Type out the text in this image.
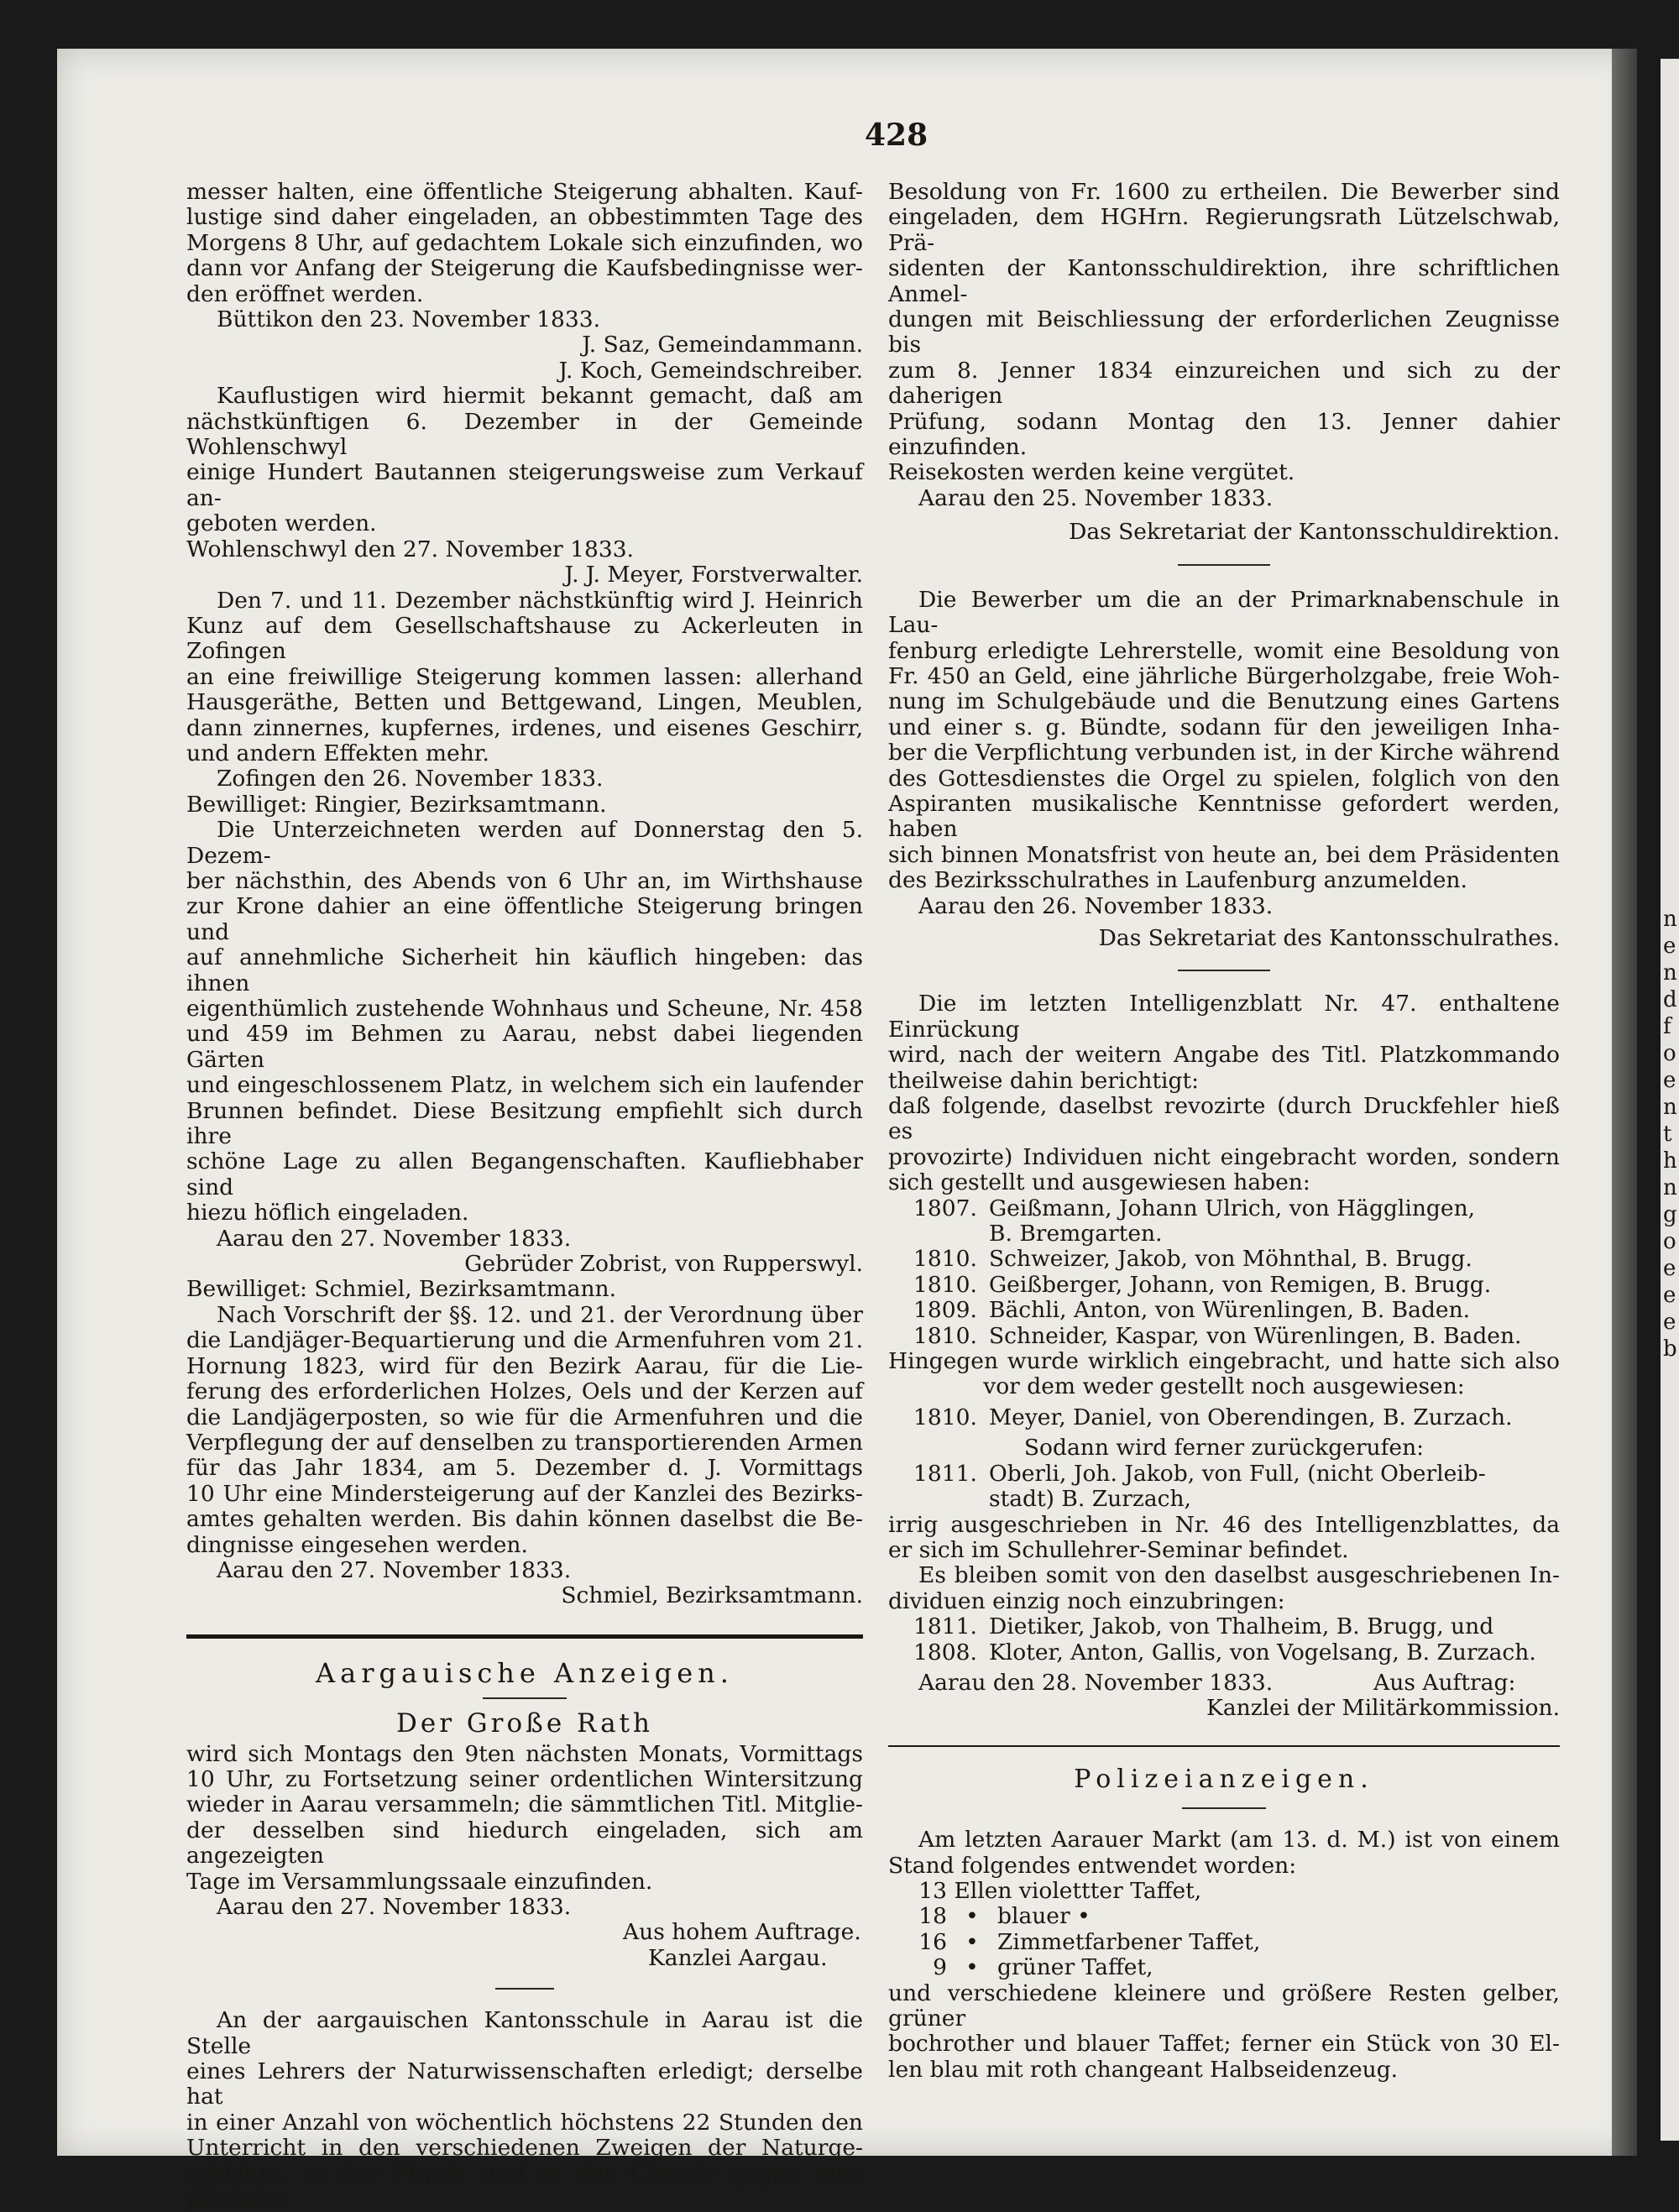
n
e
n
d
f
o
e
n
t
h
n
g
o
e
e
e
b
428

messer halten, eine öffentliche Steigerung abhalten. Kauf-

lustige sind daher eingeladen, an obbestimmten Tage des

Morgens 8 Uhr, auf gedachtem Lokale sich einzufinden, wo

dann vor Anfang der Steigerung die Kaufsbedingnisse wer-

den eröffnet werden.

Büttikon den 23. November 1833.

J. Saz, Gemeindammann.

J. Koch, Gemeindschreiber.

Kauflustigen wird hiermit bekannt gemacht, daß am

nächstkünftigen 6. Dezember in der Gemeinde Wohlenschwyl

einige Hundert Bautannen steigerungsweise zum Verkauf an-

geboten werden.

Wohlenschwyl den 27. November 1833.

J. J. Meyer, Forstverwalter.

Den 7. und 11. Dezember nächstkünftig wird J. Heinrich

Kunz auf dem Gesellschaftshause zu Ackerleuten in Zofingen

an eine freiwillige Steigerung kommen lassen: allerhand

Hausgeräthe, Betten und Bettgewand, Lingen, Meublen,

dann zinnernes, kupfernes, irdenes, und eisenes Geschirr,

und andern Effekten mehr.

Zofingen den 26. November 1833.

Bewilliget: Ringier, Bezirksamtmann.

Die Unterzeichneten werden auf Donnerstag den 5. Dezem-

ber nächsthin, des Abends von 6 Uhr an, im Wirthshause

zur Krone dahier an eine öffentliche Steigerung bringen und

auf annehmliche Sicherheit hin käuflich hingeben: das ihnen

eigenthümlich zustehende Wohnhaus und Scheune, Nr. 458

und 459 im Behmen zu Aarau, nebst dabei liegenden Gärten

und eingeschlossenem Platz, in welchem sich ein laufender

Brunnen befindet. Diese Besitzung empfiehlt sich durch ihre

schöne Lage zu allen Begangenschaften. Kaufliebhaber sind

hiezu höflich eingeladen.

Aarau den 27. November 1833.

Gebrüder Zobrist, von Rupperswyl.

Bewilliget: Schmiel, Bezirksamtmann.

Nach Vorschrift der §§. 12. und 21. der Verordnung über

die Landjäger-Bequartierung und die Armenfuhren vom 21.

Hornung 1823, wird für den Bezirk Aarau, für die Lie-

ferung des erforderlichen Holzes, Oels und der Kerzen auf

die Landjägerposten, so wie für die Armenfuhren und die

Verpflegung der auf denselben zu transportierenden Armen

für das Jahr 1834, am 5. Dezember d. J. Vormittags

10 Uhr eine Mindersteigerung auf der Kanzlei des Bezirks-

amtes gehalten werden. Bis dahin können daselbst die Be-

dingnisse eingesehen werden.

Aarau den 27. November 1833.

Schmiel, Bezirksamtmann.

Aargauische Anzeigen.
Der Große Rath

wird sich Montags den 9ten nächsten Monats, Vormittags

10 Uhr, zu Fortsetzung seiner ordentlichen Wintersitzung

wieder in Aarau versammeln; die sämmtlichen Titl. Mitglie-

der desselben sind hiedurch eingeladen, sich am angezeigten

Tage im Versammlungssaale einzufinden.

Aarau den 27. November 1833.

Aus hohem Auftrage.

Kanzlei Aargau.

An der aargauischen Kantonsschule in Aarau ist die Stelle

eines Lehrers der Naturwissenschaften erledigt; derselbe hat

in einer Anzahl von wöchentlich höchstens 22 Stunden den

Unterricht in den verschiedenen Zweigen der Naturge-

schichte, in der Physik und in der Chemie gegen eine jährliche

Besoldung von Fr. 1600 zu ertheilen. Die Bewerber sind

eingeladen, dem HGHrn. Regierungsrath Lützelschwab, Prä-

sidenten der Kantonsschuldirektion, ihre schriftlichen Anmel-

dungen mit Beischliessung der erforderlichen Zeugnisse bis

zum 8. Jenner 1834 einzureichen und sich zu der daherigen

Prüfung, sodann Montag den 13. Jenner dahier einzufinden.

Reisekosten werden keine vergütet.

Aarau den 25. November 1833.

Das Sekretariat der Kantonsschuldirektion.

Die Bewerber um die an der Primarknabenschule in Lau-

fenburg erledigte Lehrerstelle, womit eine Besoldung von

Fr. 450 an Geld, eine jährliche Bürgerholzgabe, freie Woh-

nung im Schulgebäude und die Benutzung eines Gartens

und einer s. g. Bündte, sodann für den jeweiligen Inha-

ber die Verpflichtung verbunden ist, in der Kirche während

des Gottesdienstes die Orgel zu spielen, folglich von den

Aspiranten musikalische Kenntnisse gefordert werden, haben

sich binnen Monatsfrist von heute an, bei dem Präsidenten

des Bezirksschulrathes in Laufenburg anzumelden.

Aarau den 26. November 1833.

Das Sekretariat des Kantonsschulrathes.

Die im letzten Intelligenzblatt Nr. 47. enthaltene Einrückung

wird, nach der weitern Angabe des Titl. Platzkommando

theilweise dahin berichtigt:

daß folgende, daselbst revozirte (durch Druckfehler hieß es

provozirte) Individuen nicht eingebracht worden, sondern

sich gestellt und ausgewiesen haben:

1807. Geißmann, Johann Ulrich, von Hägglingen,

B. Bremgarten.

1810. Schweizer, Jakob, von Möhnthal, B. Brugg.

1810. Geißberger, Johann, von Remigen, B. Brugg.

1809. Bächli, Anton, von Würenlingen, B. Baden.

1810. Schneider, Kaspar, von Würenlingen, B. Baden.

Hingegen wurde wirklich eingebracht, und hatte sich also

vor dem weder gestellt noch ausgewiesen:

1810. Meyer, Daniel, von Oberendingen, B. Zurzach.

Sodann wird ferner zurückgerufen:

1811. Oberli, Joh. Jakob, von Full, (nicht Oberleib-

stadt) B. Zurzach,

irrig ausgeschrieben in Nr. 46 des Intelligenzblattes, da

er sich im Schullehrer-Seminar befindet.

Es bleiben somit von den daselbst ausgeschriebenen In-

dividuen einzig noch einzubringen:

1811. Dietiker, Jakob, von Thalheim, B. Brugg, und

1808. Kloter, Anton, Gallis, von Vogelsang, B. Zurzach.

Aarau den 28. November 1833.	Aus Auftrag:

Kanzlei der Militärkommission.

Polizeianzeigen.

Am letzten Aarauer Markt (am 13. d. M.) ist von einem

Stand folgendes entwendet worden:

13 Ellen violettter Taffet,

18 • blauer •

16 • Zimmetfarbener Taffet,

9 • grüner Taffet,

und verschiedene kleinere und größere Resten gelber, grüner

bochrother und blauer Taffet; ferner ein Stück von 30 El-

len blau mit roth changeant Halbseidenzeug.
